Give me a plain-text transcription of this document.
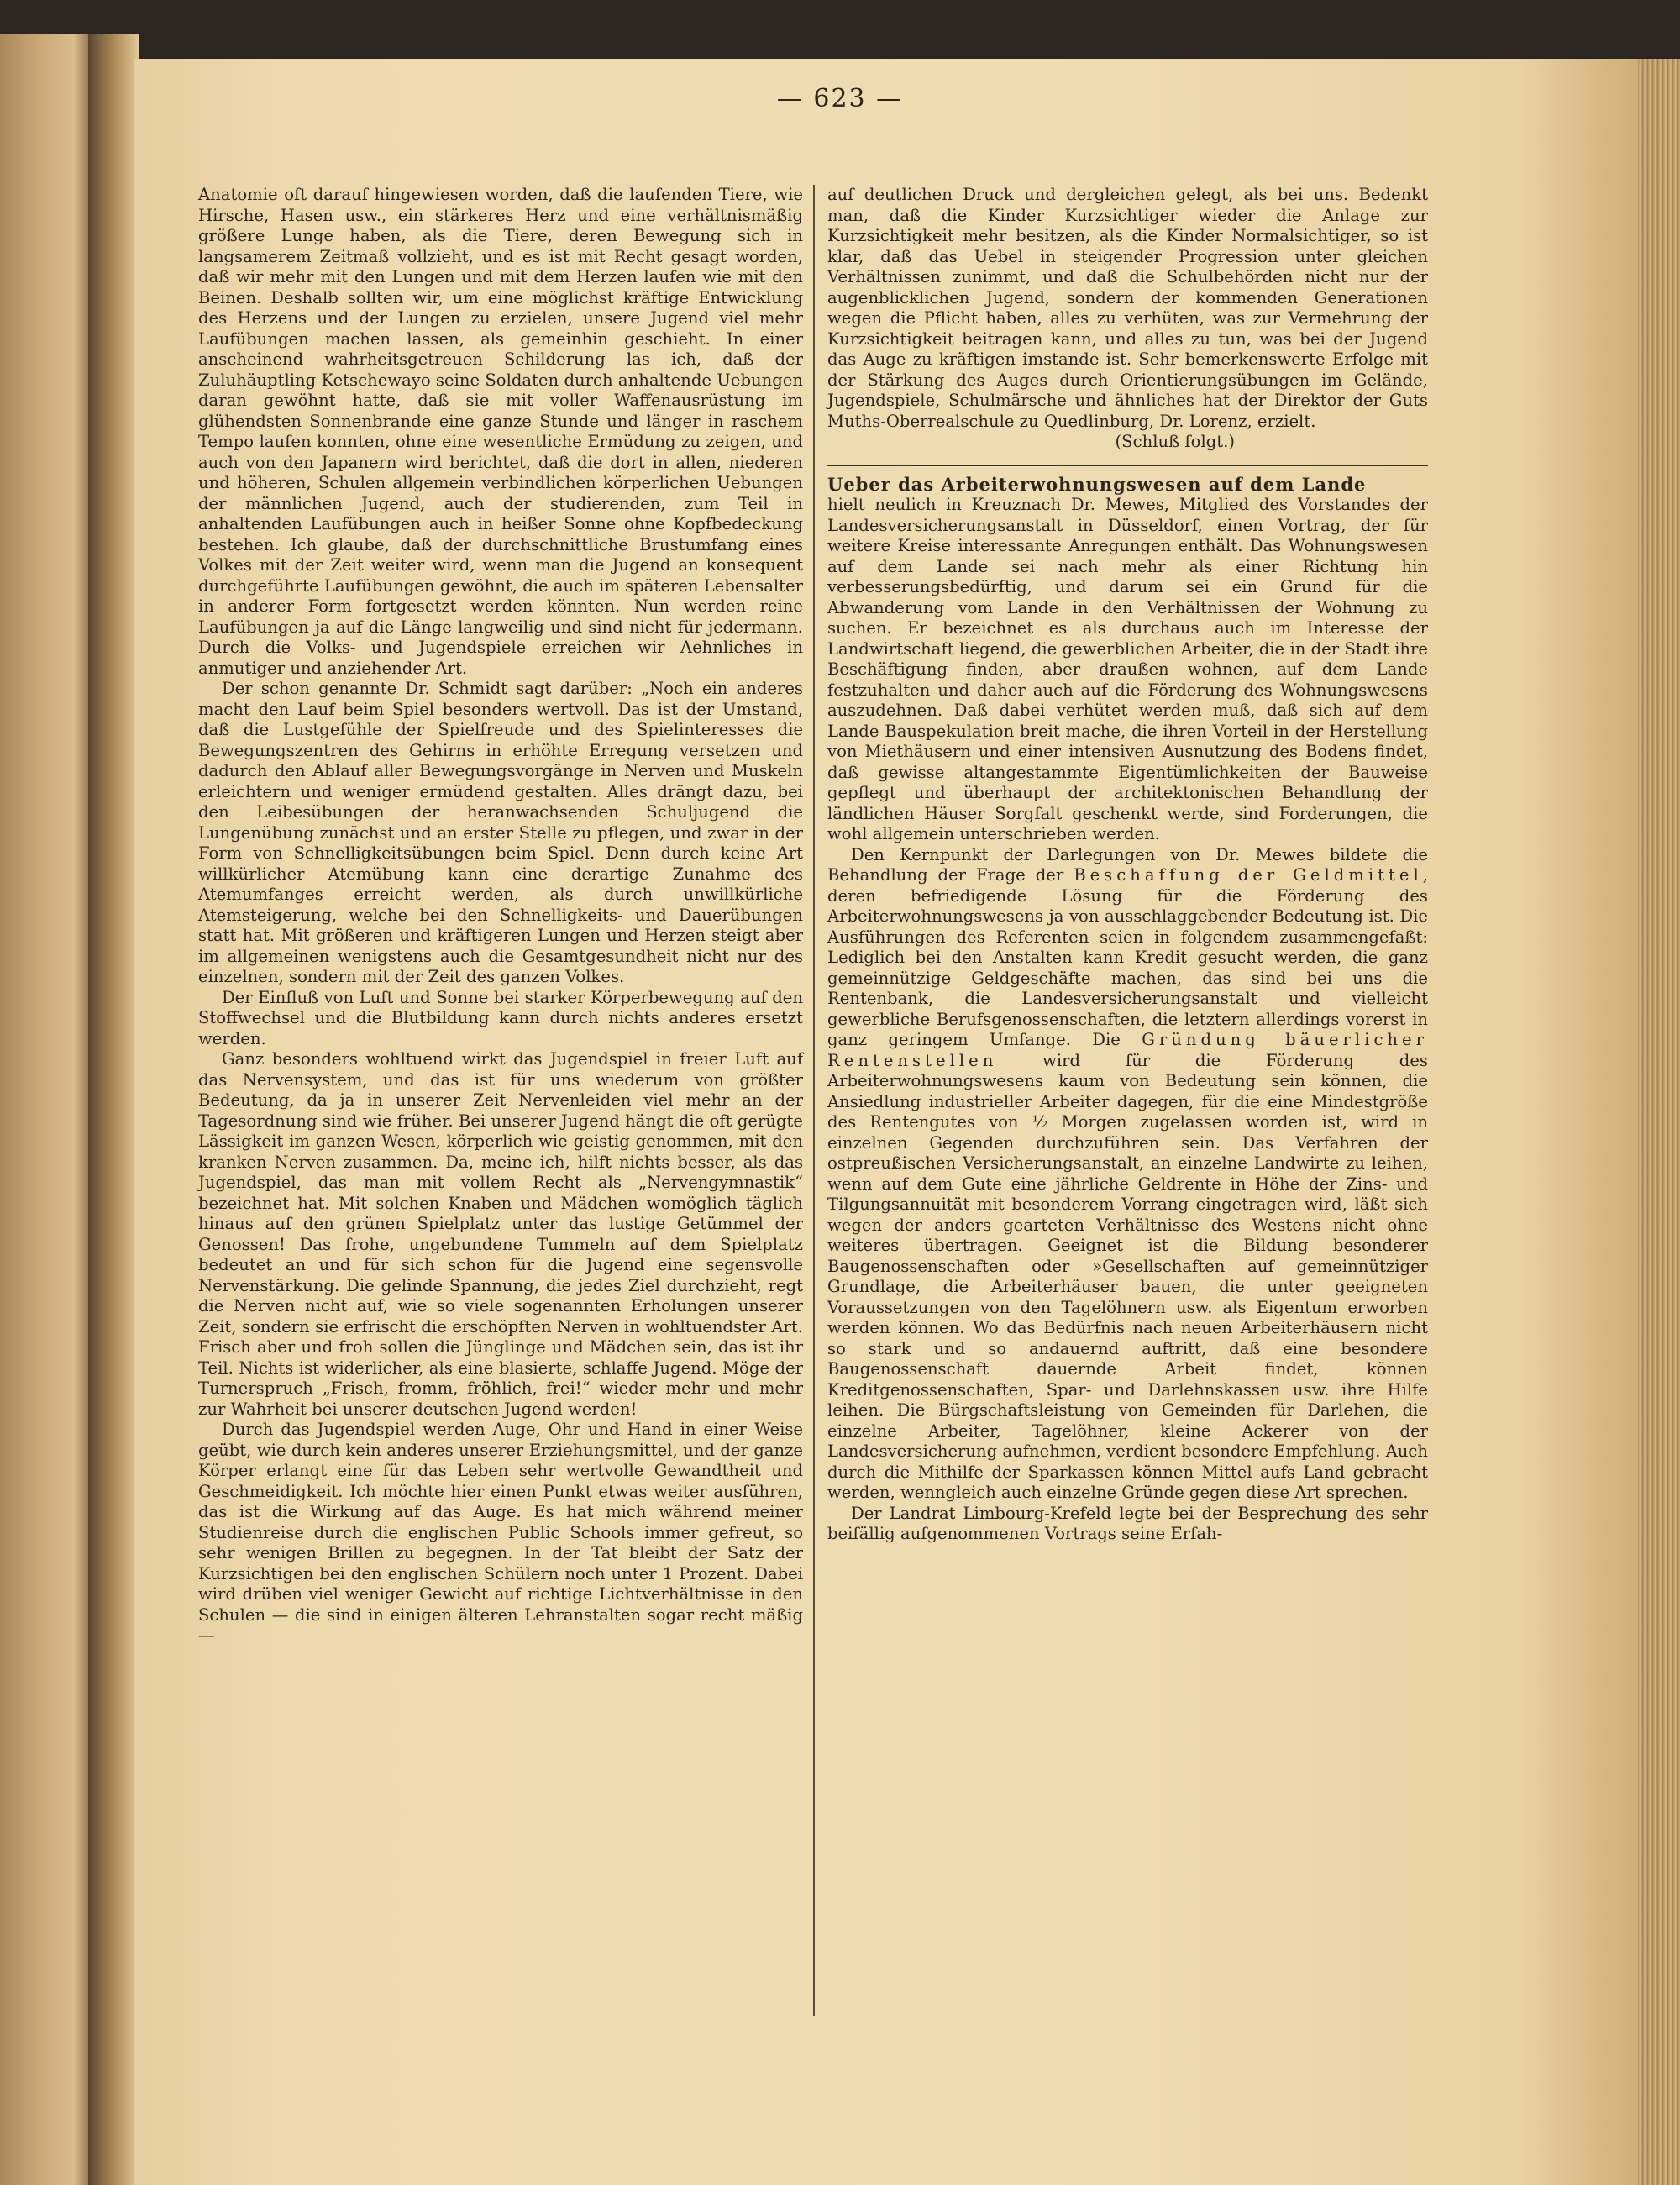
— 623 —

Anatomie oft darauf hingewiesen worden, daß die laufenden Tiere, wie Hirsche, Hasen usw., ein stärkeres Herz und eine verhältnismäßig größere Lunge haben, als die Tiere, deren Bewegung sich in langsamerem Zeitmaß vollzieht, und es ist mit Recht gesagt worden, daß wir mehr mit den Lungen und mit dem Herzen laufen wie mit den Beinen. Deshalb sollten wir, um eine möglichst kräftige Entwicklung des Herzens und der Lungen zu erzielen, unsere Jugend viel mehr Laufübungen machen lassen, als gemeinhin geschieht. In einer anscheinend wahrheitsgetreuen Schilderung las ich, daß der Zuluhäuptling Ketschewayo seine Soldaten durch anhaltende Uebungen daran gewöhnt hatte, daß sie mit voller Waffenausrüstung im glühendsten Sonnenbrande eine ganze Stunde und länger in raschem Tempo laufen konnten, ohne eine wesentliche Ermüdung zu zeigen, und auch von den Japanern wird berichtet, daß die dort in allen, niederen und höheren, Schulen allgemein verbindlichen körperlichen Uebungen der männlichen Jugend, auch der studierenden, zum Teil in anhaltenden Laufübungen auch in heißer Sonne ohne Kopfbedeckung bestehen. Ich glaube, daß der durchschnittliche Brustumfang eines Volkes mit der Zeit weiter wird, wenn man die Jugend an konsequent durchgeführte Laufübungen gewöhnt, die auch im späteren Lebensalter in anderer Form fortgesetzt werden könnten. Nun werden reine Laufübungen ja auf die Länge langweilig und sind nicht für jedermann. Durch die Volks- und Jugendspiele erreichen wir Aehnliches in anmutiger und anziehender Art.

Der schon genannte Dr. Schmidt sagt darüber: „Noch ein anderes macht den Lauf beim Spiel besonders wertvoll. Das ist der Umstand, daß die Lustgefühle der Spielfreude und des Spielinteresses die Bewegungszentren des Gehirns in erhöhte Erregung versetzen und dadurch den Ablauf aller Bewegungsvorgänge in Nerven und Muskeln erleichtern und weniger ermüdend gestalten. Alles drängt dazu, bei den Leibesübungen der heranwachsenden Schuljugend die Lungenübung zunächst und an erster Stelle zu pflegen, und zwar in der Form von Schnelligkeitsübungen beim Spiel. Denn durch keine Art willkürlicher Atemübung kann eine derartige Zunahme des Atemumfanges erreicht werden, als durch unwillkürliche Atemsteigerung, welche bei den Schnelligkeits- und Dauerübungen statt hat. Mit größeren und kräftigeren Lungen und Herzen steigt aber im allgemeinen wenigstens auch die Gesamtgesundheit nicht nur des einzelnen, sondern mit der Zeit des ganzen Volkes.

Der Einfluß von Luft und Sonne bei starker Körperbewegung auf den Stoffwechsel und die Blutbildung kann durch nichts anderes ersetzt werden.

Ganz besonders wohltuend wirkt das Jugendspiel in freier Luft auf das Nervensystem, und das ist für uns wiederum von größter Bedeutung, da ja in unserer Zeit Nervenleiden viel mehr an der Tagesordnung sind wie früher. Bei unserer Jugend hängt die oft gerügte Lässigkeit im ganzen Wesen, körperlich wie geistig genommen, mit den kranken Nerven zusammen. Da, meine ich, hilft nichts besser, als das Jugendspiel, das man mit vollem Recht als „Nervengymnastik“ bezeichnet hat. Mit solchen Knaben und Mädchen womöglich täglich hinaus auf den grünen Spielplatz unter das lustige Getümmel der Genossen! Das frohe, ungebundene Tummeln auf dem Spielplatz bedeutet an und für sich schon für die Jugend eine segensvolle Nervenstärkung. Die gelinde Spannung, die jedes Ziel durchzieht, regt die Nerven nicht auf, wie so viele sogenannten Erholungen unserer Zeit, sondern sie erfrischt die erschöpften Nerven in wohltuendster Art. Frisch aber und froh sollen die Jünglinge und Mädchen sein, das ist ihr Teil. Nichts ist widerlicher, als eine blasierte, schlaffe Jugend. Möge der Turnerspruch „Frisch, fromm, fröhlich, frei!“ wieder mehr und mehr zur Wahrheit bei unserer deutschen Jugend werden!

Durch das Jugendspiel werden Auge, Ohr und Hand in einer Weise geübt, wie durch kein anderes unserer Erziehungsmittel, und der ganze Körper erlangt eine für das Leben sehr wertvolle Gewandtheit und Geschmeidigkeit. Ich möchte hier einen Punkt etwas weiter ausführen, das ist die Wirkung auf das Auge. Es hat mich während meiner Studienreise durch die englischen Public Schools immer gefreut, so sehr wenigen Brillen zu begegnen. In der Tat bleibt der Satz der Kurzsichtigen bei den englischen Schülern noch unter 1 Prozent. Dabei wird drüben viel weniger Gewicht auf richtige Lichtverhältnisse in den Schulen — die sind in einigen älteren Lehranstalten sogar recht mäßig —

auf deutlichen Druck und dergleichen gelegt, als bei uns. Bedenkt man, daß die Kinder Kurzsichtiger wieder die Anlage zur Kurzsichtigkeit mehr besitzen, als die Kinder Normalsichtiger, so ist klar, daß das Uebel in steigender Progression unter gleichen Verhältnissen zunimmt, und daß die Schulbehörden nicht nur der augenblicklichen Jugend, sondern der kommenden Generationen wegen die Pflicht haben, alles zu verhüten, was zur Vermehrung der Kurzsichtigkeit beitragen kann, und alles zu tun, was bei der Jugend das Auge zu kräftigen imstande ist. Sehr bemerkenswerte Erfolge mit der Stärkung des Auges durch Orientierungsübungen im Gelände, Jugendspiele, Schulmärsche und ähnliches hat der Direktor der Guts Muths-Oberrealschule zu Quedlinburg, Dr. Lorenz, erzielt.

(Schluß folgt.)

Ueber das Arbeiterwohnungswesen auf dem Lande

hielt neulich in Kreuznach Dr. Mewes, Mitglied des Vorstandes der Landesversicherungsanstalt in Düsseldorf, einen Vortrag, der für weitere Kreise interessante Anregungen enthält. Das Wohnungswesen auf dem Lande sei nach mehr als einer Richtung hin verbesserungsbedürftig, und darum sei ein Grund für die Abwanderung vom Lande in den Verhältnissen der Wohnung zu suchen. Er bezeichnet es als durchaus auch im Interesse der Landwirtschaft liegend, die gewerblichen Arbeiter, die in der Stadt ihre Beschäftigung finden, aber draußen wohnen, auf dem Lande festzuhalten und daher auch auf die Förderung des Wohnungswesens auszudehnen. Daß dabei verhütet werden muß, daß sich auf dem Lande Bauspekulation breit mache, die ihren Vorteil in der Herstellung von Miethäusern und einer intensiven Ausnutzung des Bodens findet, daß gewisse altangestammte Eigentümlichkeiten der Bauweise gepflegt und überhaupt der architektonischen Behandlung der ländlichen Häuser Sorgfalt geschenkt werde, sind Forderungen, die wohl allgemein unterschrieben werden.

Den Kernpunkt der Darlegungen von Dr. Mewes bildete die Behandlung der Frage der Beschaffung der Geldmittel, deren befriedigende Lösung für die Förderung des Arbeiterwohnungswesens ja von ausschlaggebender Bedeutung ist. Die Ausführungen des Referenten seien in folgendem zusammengefaßt: Lediglich bei den Anstalten kann Kredit gesucht werden, die ganz gemeinnützige Geldgeschäfte machen, das sind bei uns die Rentenbank, die Landesversicherungsanstalt und vielleicht gewerbliche Berufsgenossenschaften, die letztern allerdings vorerst in ganz geringem Umfange. Die Gründung bäuerlicher Rentenstellen wird für die Förderung des Arbeiterwohnungswesens kaum von Bedeutung sein können, die Ansiedlung industrieller Arbeiter dagegen, für die eine Mindestgröße des Rentengutes von ½ Morgen zugelassen worden ist, wird in einzelnen Gegenden durchzuführen sein. Das Verfahren der ostpreußischen Versicherungsanstalt, an einzelne Landwirte zu leihen, wenn auf dem Gute eine jährliche Geldrente in Höhe der Zins- und Tilgungsannuität mit besonderem Vorrang eingetragen wird, läßt sich wegen der anders gearteten Verhältnisse des Westens nicht ohne weiteres übertragen. Geeignet ist die Bildung besonderer Baugenossenschaften oder »Gesellschaften auf gemeinnütziger Grundlage, die Arbeiterhäuser bauen, die unter geeigneten Voraussetzungen von den Tagelöhnern usw. als Eigentum erworben werden können. Wo das Bedürfnis nach neuen Arbeiterhäusern nicht so stark und so andauernd auftritt, daß eine besondere Baugenossenschaft dauernde Arbeit findet, können Kreditgenossenschaften, Spar- und Darlehnskassen usw. ihre Hilfe leihen. Die Bürgschaftsleistung von Gemeinden für Darlehen, die einzelne Arbeiter, Tagelöhner, kleine Ackerer von der Landesversicherung aufnehmen, verdient besondere Empfehlung. Auch durch die Mithilfe der Sparkassen können Mittel aufs Land gebracht werden, wenngleich auch einzelne Gründe gegen diese Art sprechen.

Der Landrat Limbourg-Krefeld legte bei der Besprechung des sehr beifällig aufgenommenen Vortrags seine Erfah-
